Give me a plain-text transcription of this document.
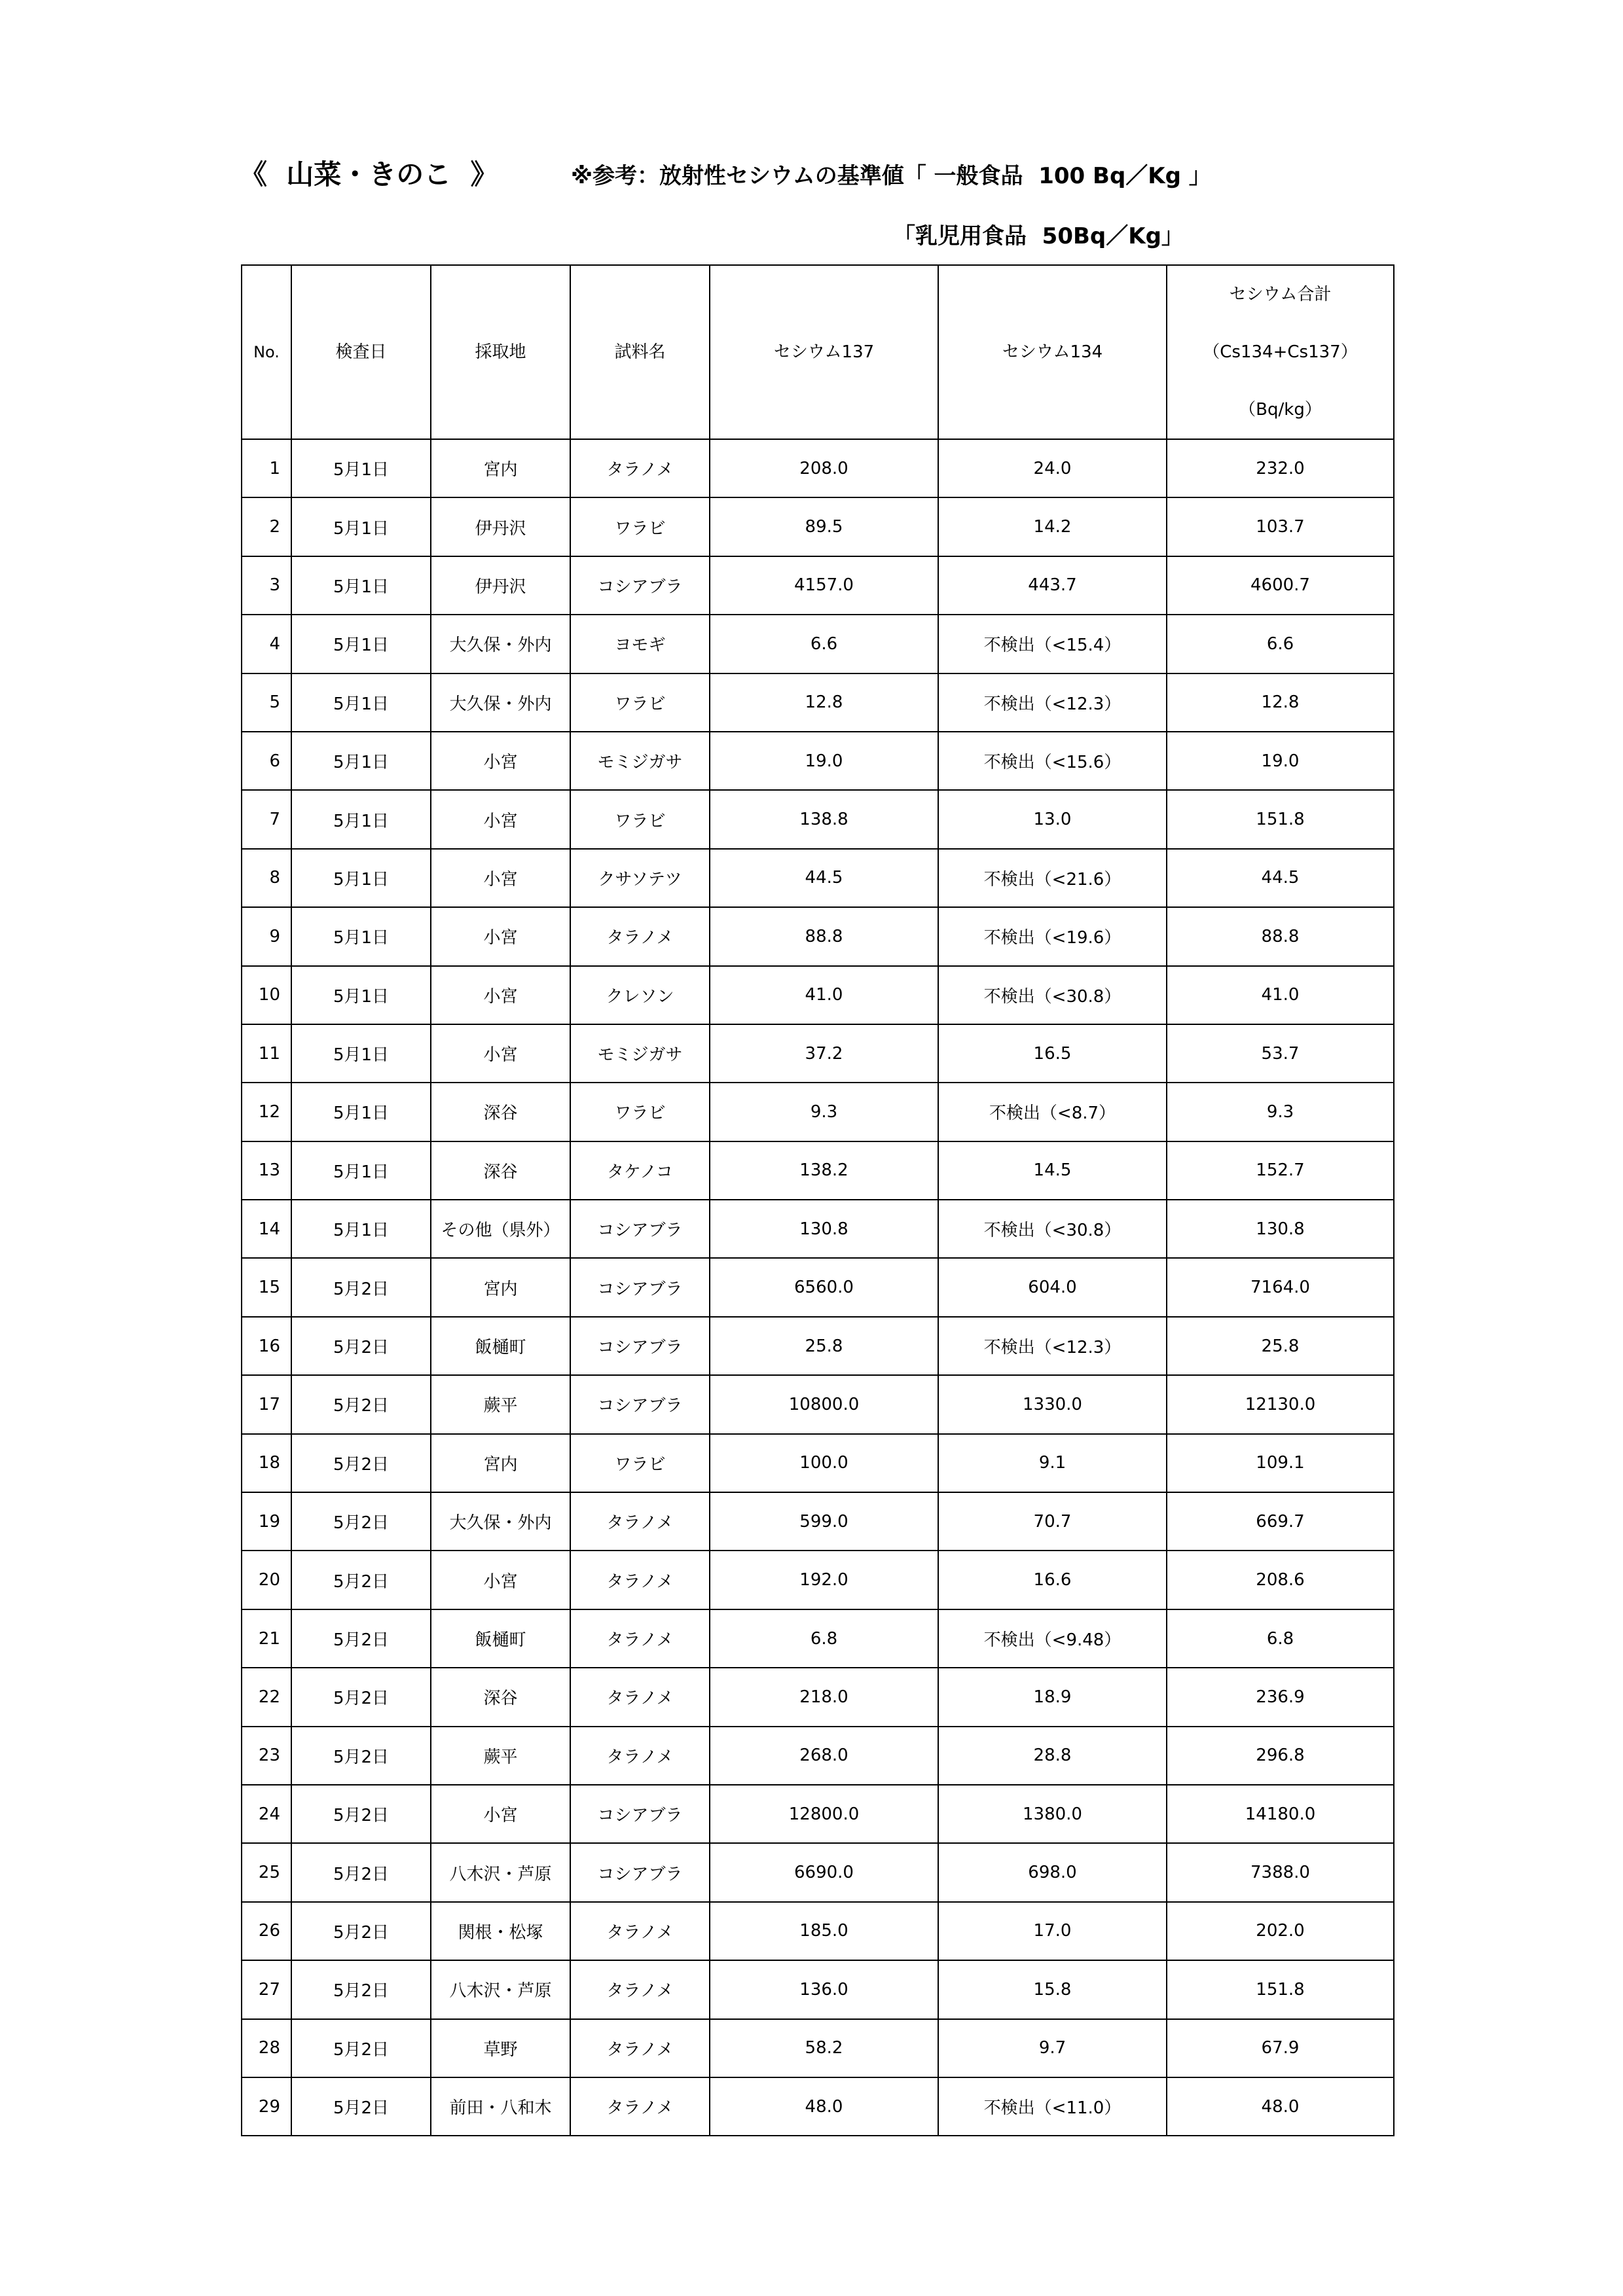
《  山菜・きのこ  》	※参考：放射性セシウムの基準値「 一般食品  100 Bq／Kg 」
「乳児用食品  50Bq／Kg」
No.	検査日	採取地	試料名	セシウム137	セシウム134	セシウム合計
（Cs134+Cs137）
（Bq/kg）

1	5月1日	宮内	タラノメ	208.0	24.0	232.0
2	5月1日	伊丹沢	ワラビ	89.5	14.2	103.7
3	5月1日	伊丹沢	コシアブラ	4157.0	443.7	4600.7
4	5月1日	大久保・外内	ヨモギ	6.6	不検出（<15.4）	6.6
5	5月1日	大久保・外内	ワラビ	12.8	不検出（<12.3）	12.8
6	5月1日	小宮	モミジガサ	19.0	不検出（<15.6）	19.0
7	5月1日	小宮	ワラビ	138.8	13.0	151.8
8	5月1日	小宮	クサソテツ	44.5	不検出（<21.6）	44.5
9	5月1日	小宮	タラノメ	88.8	不検出（<19.6）	88.8
10	5月1日	小宮	クレソン	41.0	不検出（<30.8）	41.0
11	5月1日	小宮	モミジガサ	37.2	16.5	53.7
12	5月1日	深谷	ワラビ	9.3	不検出（<8.7）	9.3
13	5月1日	深谷	タケノコ	138.2	14.5	152.7
14	5月1日	その他（県外）	コシアブラ	130.8	不検出（<30.8）	130.8
15	5月2日	宮内	コシアブラ	6560.0	604.0	7164.0
16	5月2日	飯樋町	コシアブラ	25.8	不検出（<12.3）	25.8
17	5月2日	蕨平	コシアブラ	10800.0	1330.0	12130.0
18	5月2日	宮内	ワラビ	100.0	9.1	109.1
19	5月2日	大久保・外内	タラノメ	599.0	70.7	669.7
20	5月2日	小宮	タラノメ	192.0	16.6	208.6
21	5月2日	飯樋町	タラノメ	6.8	不検出（<9.48）	6.8
22	5月2日	深谷	タラノメ	218.0	18.9	236.9
23	5月2日	蕨平	タラノメ	268.0	28.8	296.8
24	5月2日	小宮	コシアブラ	12800.0	1380.0	14180.0
25	5月2日	八木沢・芦原	コシアブラ	6690.0	698.0	7388.0
26	5月2日	関根・松塚	タラノメ	185.0	17.0	202.0
27	5月2日	八木沢・芦原	タラノメ	136.0	15.8	151.8
28	5月2日	草野	タラノメ	58.2	9.7	67.9
29	5月2日	前田・八和木	タラノメ	48.0	不検出（<11.0）	48.0
